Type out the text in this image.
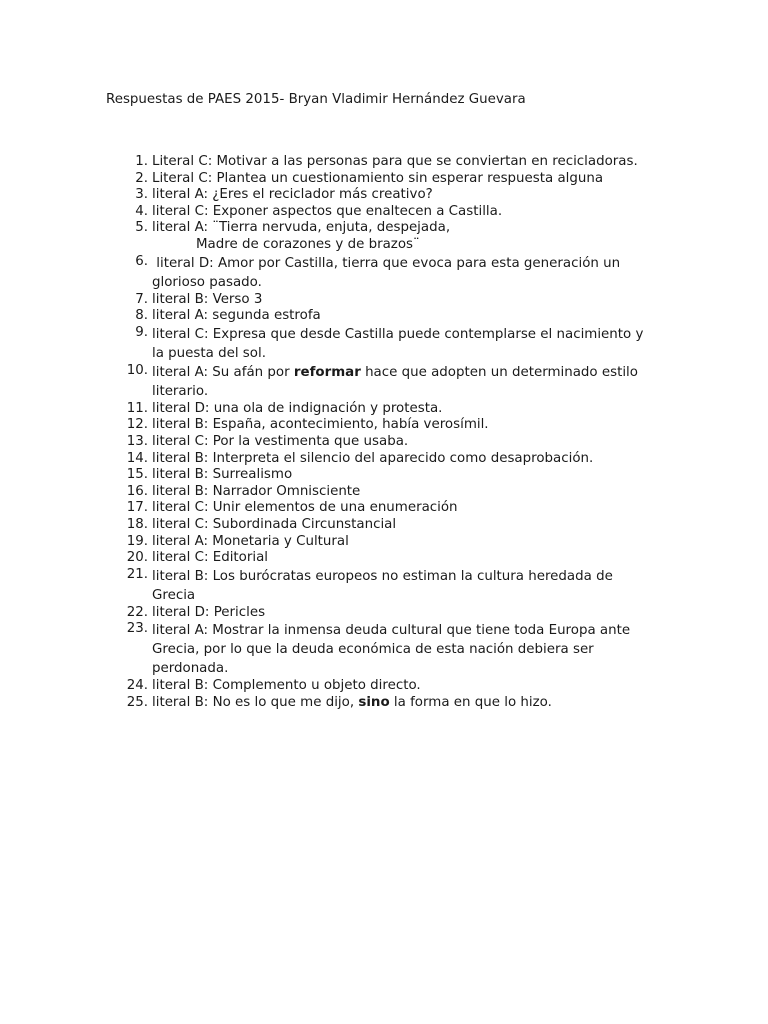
Respuestas de PAES 2015- Bryan Vladimir Hernández Guevara
1. Literal C: Motivar a las personas para que se conviertan en recicladoras.
2. Literal C: Plantea un cuestionamiento sin esperar respuesta alguna
3. literal A: ¿Eres el reciclador más creativo?
4. literal C: Exponer aspectos que enaltecen a Castilla.
5. literal A: ¨Tierra nervuda, enjuta, despejada,
Madre de corazones y de brazos¨
6. literal D: Amor por Castilla, tierra que evoca para esta generación un
glorioso pasado.
7. literal B: Verso 3
8. literal A: segunda estrofa
9. literal C: Expresa que desde Castilla puede contemplarse el nacimiento y
la puesta del sol.
10. literal A: Su afán por reformar hace que adopten un determinado estilo
literario.
11. literal D: una ola de indignación y protesta.
12. literal B: España, acontecimiento, había verosímil.
13. literal C: Por la vestimenta que usaba.
14. literal B: Interpreta el silencio del aparecido como desaprobación.
15. literal B: Surrealismo
16. literal B: Narrador Omnisciente
17. literal C: Unir elementos de una enumeración
18. literal C: Subordinada Circunstancial
19. literal A: Monetaria y Cultural
20. literal C: Editorial
21. literal B: Los burócratas europeos no estiman la cultura heredada de
Grecia
22. literal D: Pericles
23. literal A: Mostrar la inmensa deuda cultural que tiene toda Europa ante
Grecia, por lo que la deuda económica de esta nación debiera ser
perdonada.
24. literal B: Complemento u objeto directo.
25. literal B: No es lo que me dijo, sino la forma en que lo hizo.
